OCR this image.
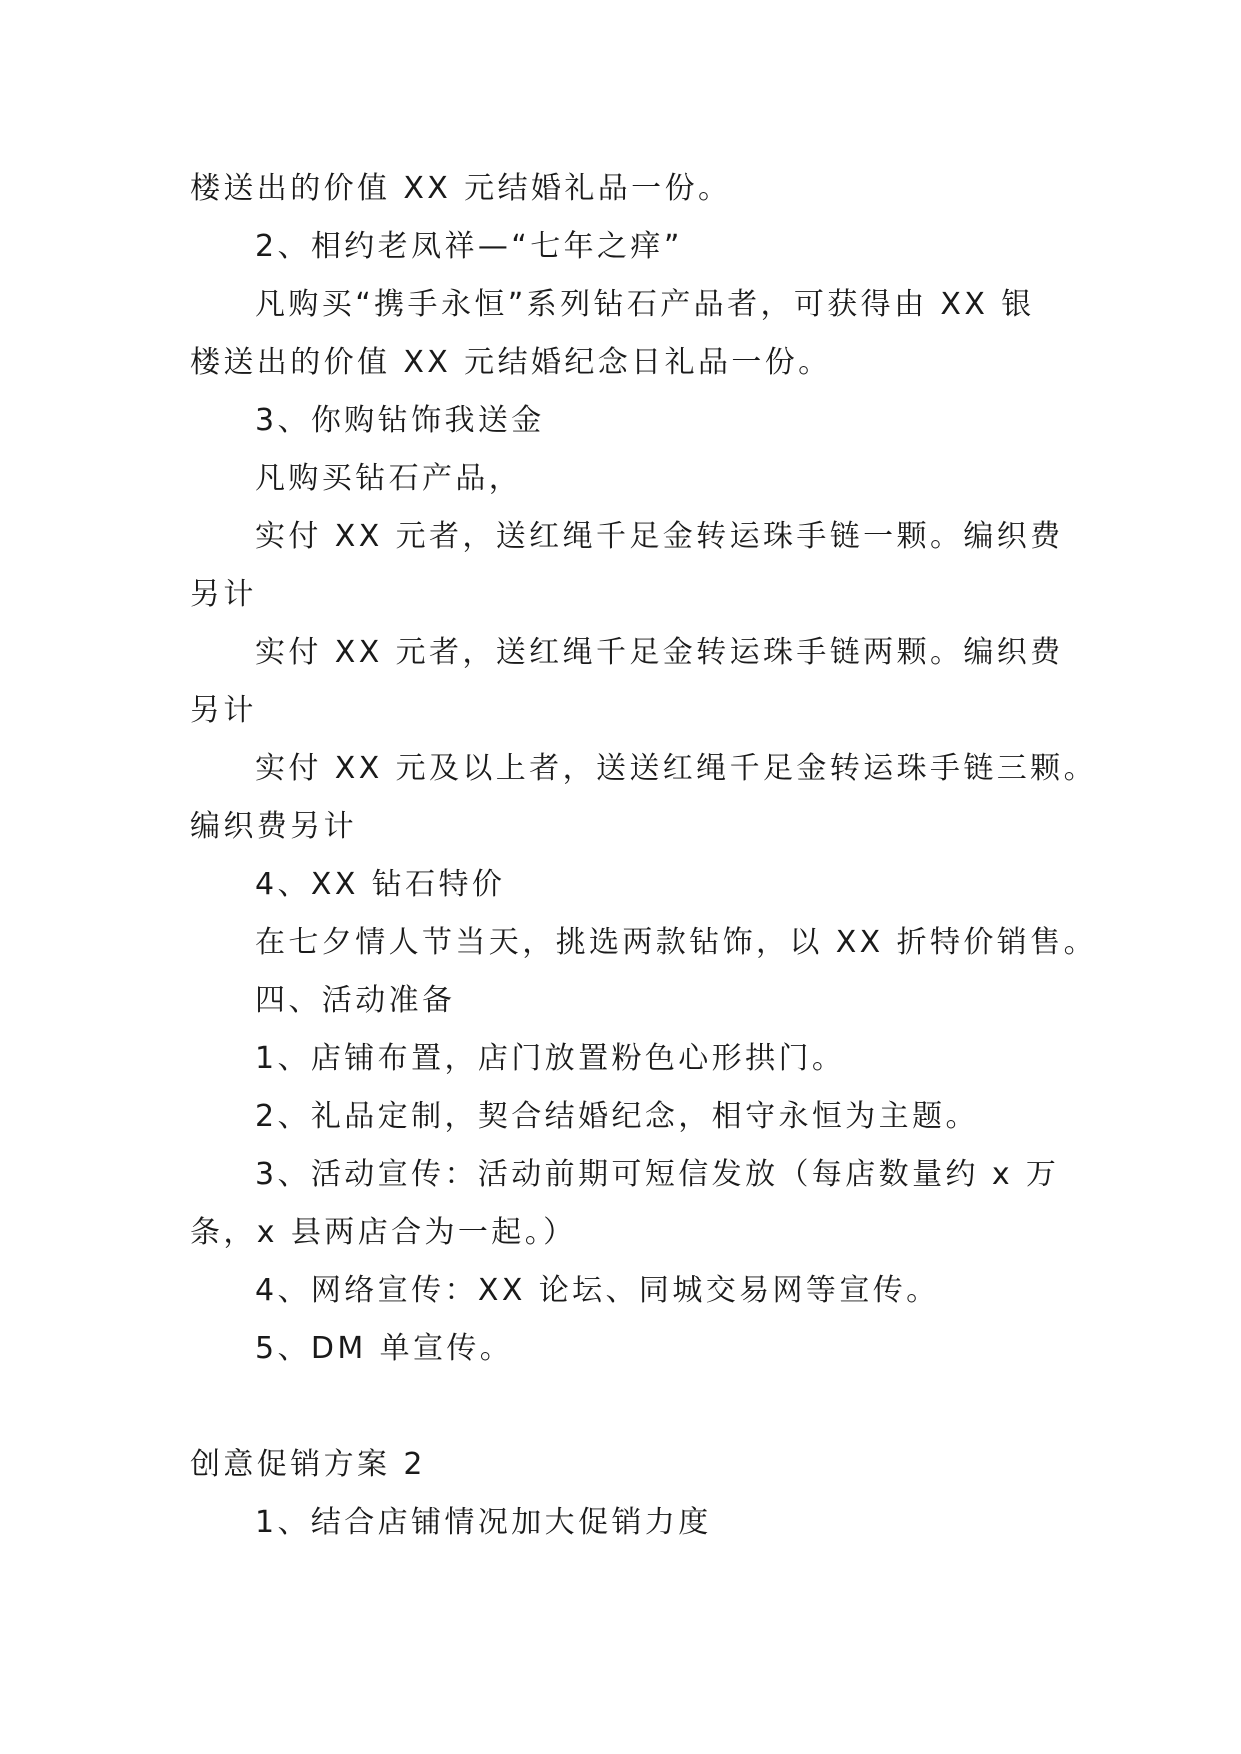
楼送出的价值 XX 元结婚礼品一份。
2、相约老凤祥—“七年之痒”
凡购买“携手永恒”系列钻石产品者，可获得由 XX 银
楼送出的价值 XX 元结婚纪念日礼品一份。
3、你购钻饰我送金
凡购买钻石产品，
实付 XX 元者，送红绳千足金转运珠手链一颗。编织费
另计
实付 XX 元者，送红绳千足金转运珠手链两颗。编织费
另计
实付 XX 元及以上者，送送红绳千足金转运珠手链三颗。
编织费另计
4、XX 钻石特价
在七夕情人节当天，挑选两款钻饰，以 XX 折特价销售。
四、活动准备
1、店铺布置，店门放置粉色心形拱门。
2、礼品定制，契合结婚纪念，相守永恒为主题。
3、活动宣传：活动前期可短信发放（每店数量约 x 万
条，x 县两店合为一起。）
4、网络宣传：XX 论坛、同城交易网等宣传。
5、DM 单宣传。
创意促销方案 2
1、结合店铺情况加大促销力度
